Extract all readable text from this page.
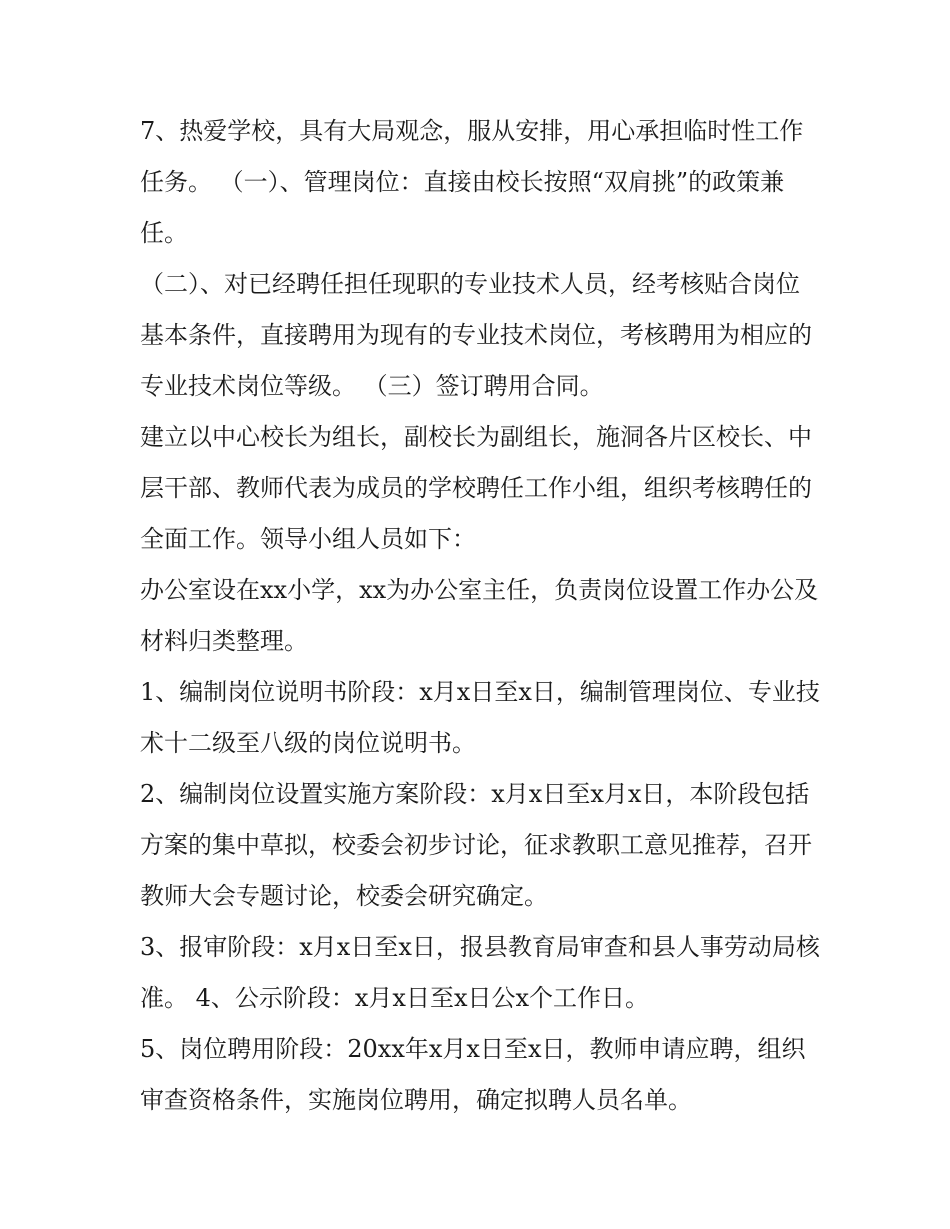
7、热爱学校，具有大局观念，服从安排，用心承担临时性工作任务。 （一）、管理岗位：直接由校长按照“双肩挑”的政策兼任。

（二）、对已经聘任担任现职的专业技术人员，经考核贴合岗位基本条件，直接聘用为现有的专业技术岗位，考核聘用为相应的专业技术岗位等级。 （三）签订聘用合同。

建立以中心校长为组长，副校长为副组长，施洞各片区校长、中层干部、教师代表为成员的学校聘任工作小组，组织考核聘任的全面工作。领导小组人员如下：

办公室设在xx小学，xx为办公室主任，负责岗位设置工作办公及材料归类整理。

1、编制岗位说明书阶段：x月x日至x日，编制管理岗位、专业技术十二级至八级的岗位说明书。

2、编制岗位设置实施方案阶段：x月x日至x月x日，本阶段包括方案的集中草拟，校委会初步讨论，征求教职工意见推荐，召开教师大会专题讨论，校委会研究确定。

3、报审阶段：x月x日至x日，报县教育局审查和县人事劳动局核准。 4、公示阶段：x月x日至x日公x个工作日。

5、岗位聘用阶段：20xx年x月x日至x日，教师申请应聘，组织审查资格条件，实施岗位聘用，确定拟聘人员名单。
